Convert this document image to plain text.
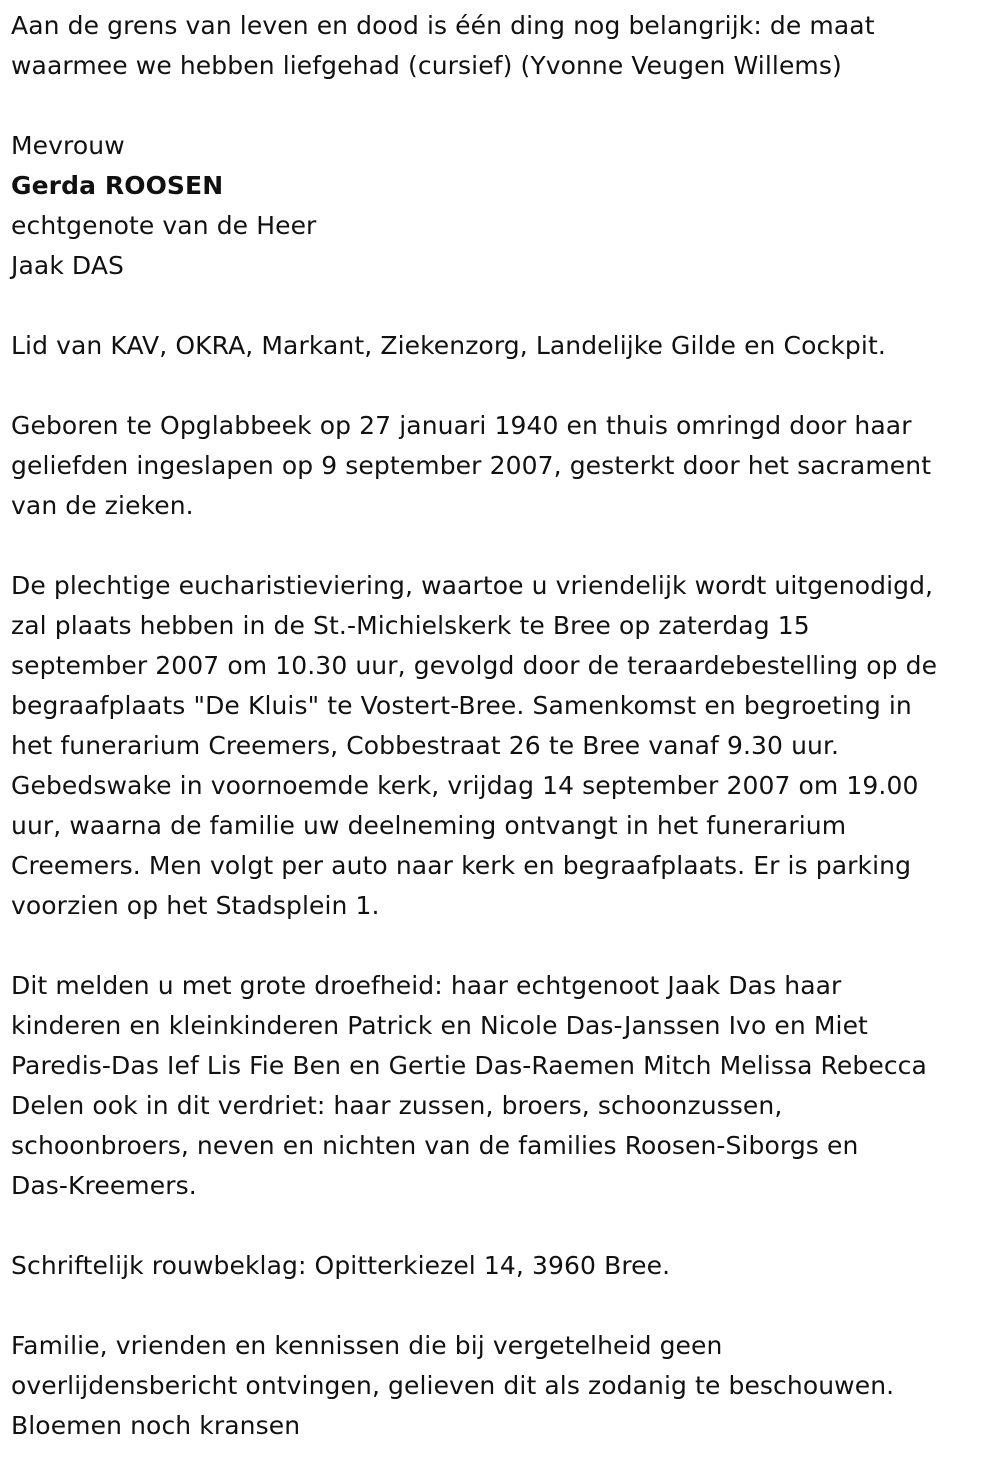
Aan de grens van leven en dood is één ding nog belangrijk: de maat
waarmee we hebben liefgehad (cursief) (Yvonne Veugen Willems)

Mevrouw

Gerda ROOSEN

echtgenote van de Heer

Jaak DAS

Lid van KAV, OKRA, Markant, Ziekenzorg, Landelijke Gilde en Cockpit.

Geboren te Opglabbeek op 27 januari 1940 en thuis omringd door haar
geliefden ingeslapen op 9 september 2007, gesterkt door het sacrament
van de zieken.

De plechtige eucharistieviering, waartoe u vriendelijk wordt uitgenodigd,
zal plaats hebben in de St.-Michielskerk te Bree op zaterdag 15
september 2007 om 10.30 uur, gevolgd door de teraardebestelling op de
begraafplaats "De Kluis" te Vostert-Bree. Samenkomst en begroeting in
het funerarium Creemers, Cobbestraat 26 te Bree vanaf 9.30 uur.
Gebedswake in voornoemde kerk, vrijdag 14 september 2007 om 19.00
uur, waarna de familie uw deelneming ontvangt in het funerarium
Creemers. Men volgt per auto naar kerk en begraafplaats. Er is parking
voorzien op het Stadsplein 1.

Dit melden u met grote droefheid: haar echtgenoot Jaak Das haar
kinderen en kleinkinderen Patrick en Nicole Das-Janssen Ivo en Miet
Paredis-Das Ief Lis Fie Ben en Gertie Das-Raemen Mitch Melissa Rebecca
Delen ook in dit verdriet: haar zussen, broers, schoonzussen,
schoonbroers, neven en nichten van de families Roosen-Siborgs en
Das-Kreemers.

Schriftelijk rouwbeklag: Opitterkiezel 14, 3960 Bree.

Familie, vrienden en kennissen die bij vergetelheid geen
overlijdensbericht ontvingen, gelieven dit als zodanig te beschouwen.
Bloemen noch kransen
